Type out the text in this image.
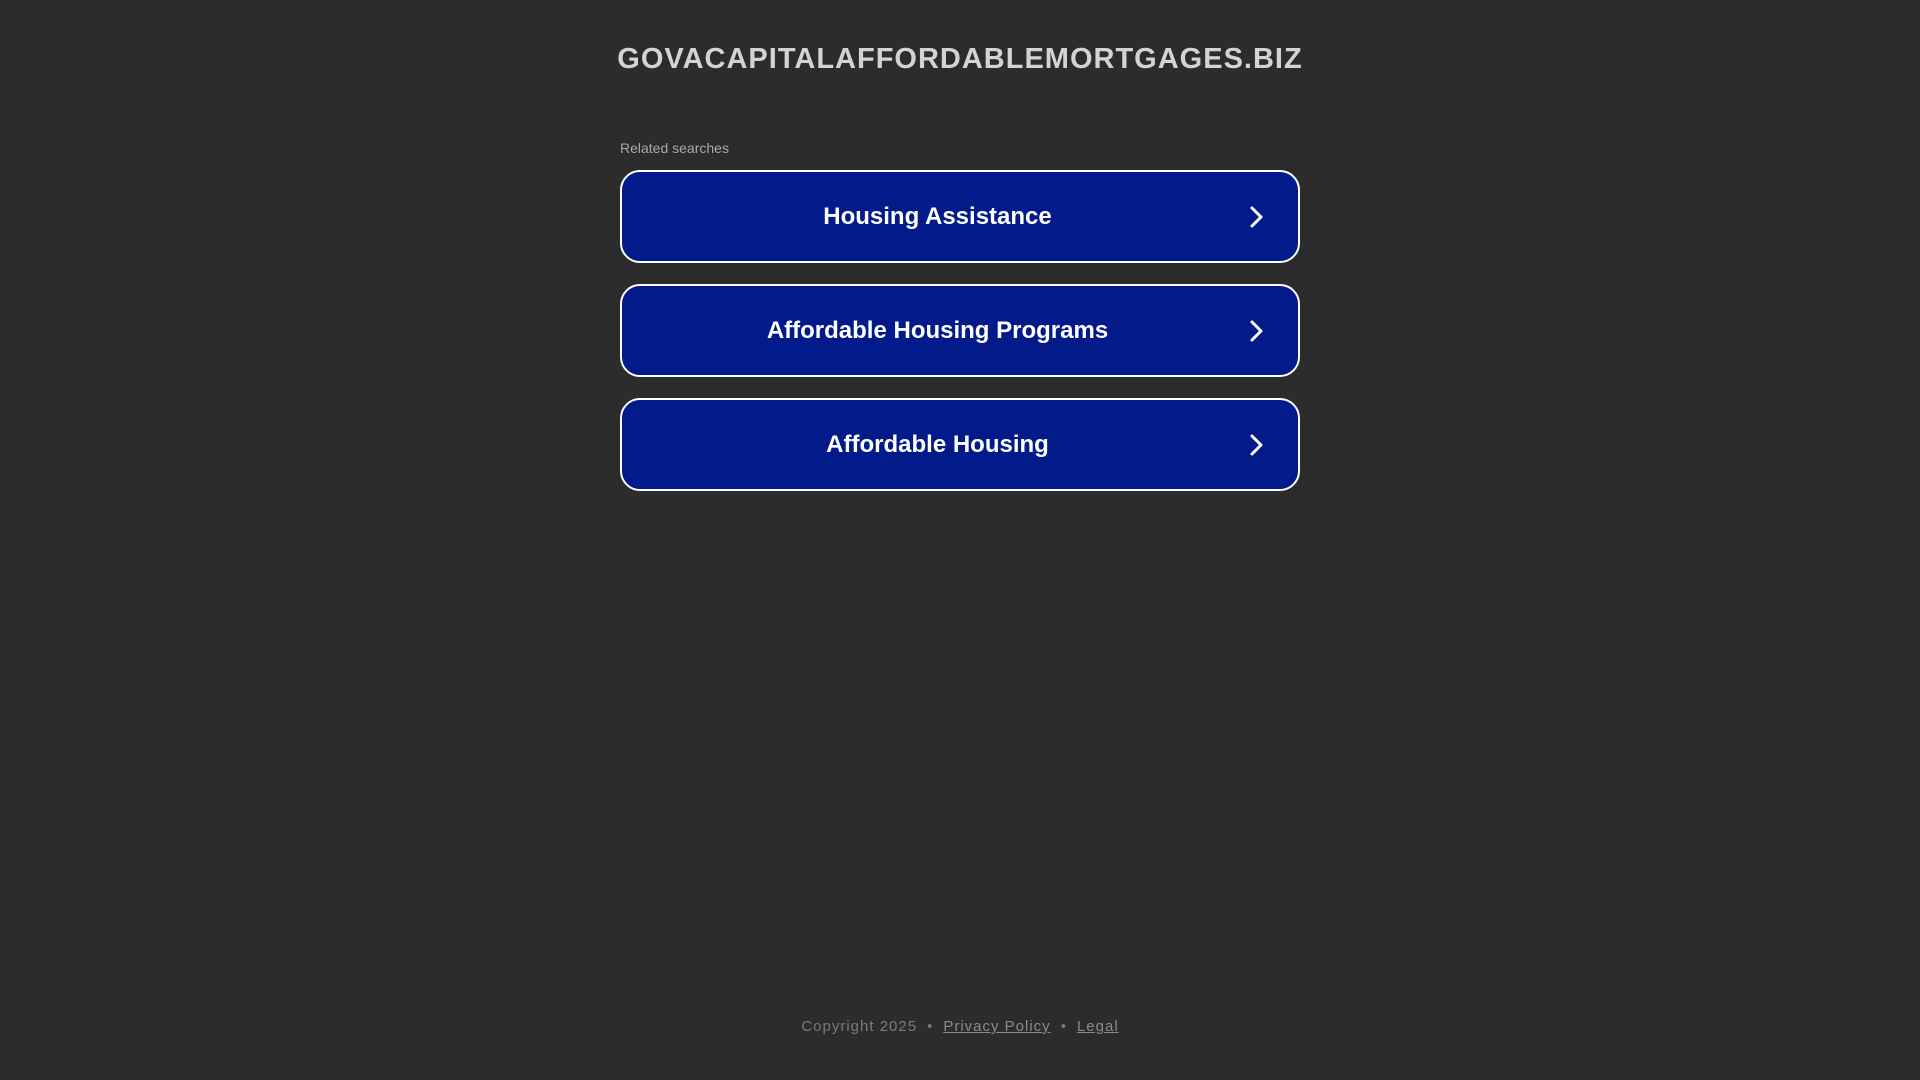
GOVACAPITALAFFORDABLEMORTGAGES.BIZ
Related searches
Housing Assistance
Affordable Housing Programs
Affordable Housing
Copyright 2025 • Privacy Policy • Legal
